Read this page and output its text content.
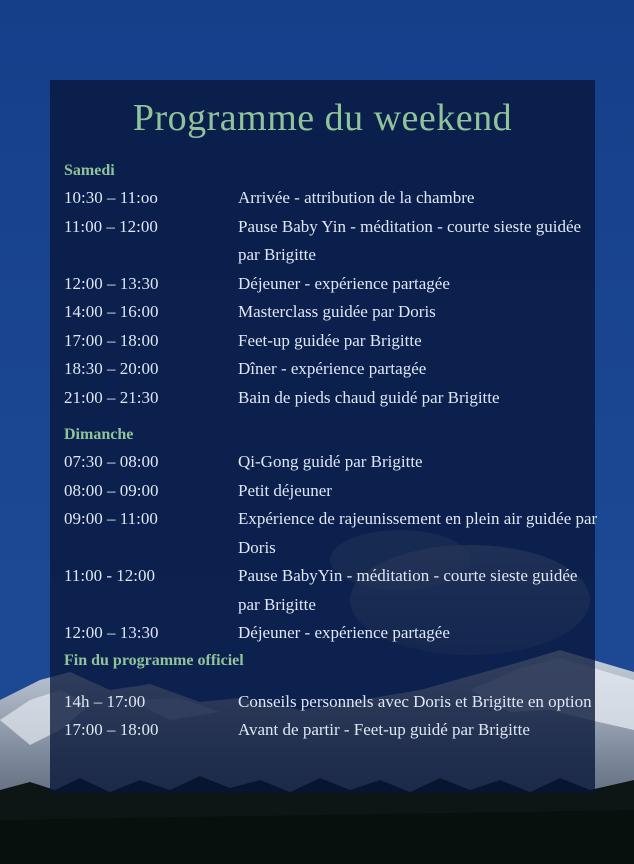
Programme du weekend
Samedi
10:30 – 11:oo	Arrivée - attribution de la chambre
11:00 – 12:00	Pause Baby Yin - méditation - courte sieste guidée par Brigitte
12:00 – 13:30	Déjeuner - expérience partagée
14:00 – 16:00	Masterclass guidée par Doris
17:00 – 18:00	Feet-up guidée par Brigitte
18:30 – 20:00	Dîner - expérience partagée
21:00 – 21:30	Bain de pieds chaud guidé par Brigitte
Dimanche
07:30 – 08:00	Qi-Gong guidé par Brigitte
08:00 – 09:00	Petit déjeuner
09:00 – 11:00	Expérience de rajeunissement en plein air guidée par Doris
11:00 - 12:00	Pause BabyYin - méditation - courte sieste guidée par Brigitte
12:00 – 13:30	Déjeuner - expérience partagée
Fin du programme officiel
14h – 17:00	Conseils personnels avec Doris et Brigitte en option
17:00 – 18:00	Avant de partir - Feet-up guidé par Brigitte
